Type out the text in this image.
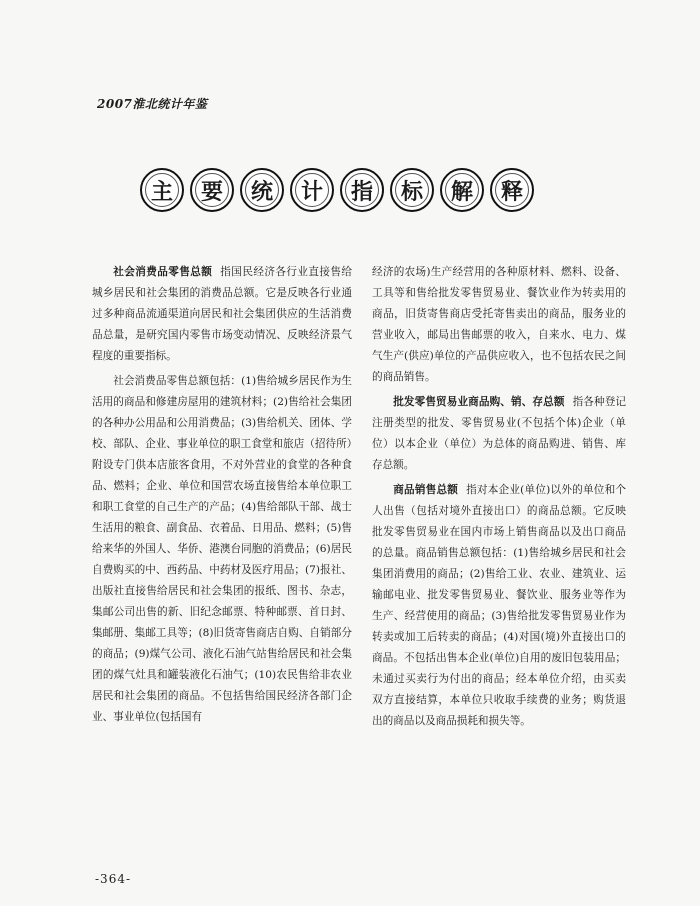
2007淮北统计年鉴
主	要	统	计	指	标	解	释

社会消费品零售总额 指国民经济各行业直接售给城乡居民和社会集团的消费品总额。它是反映各行业通过多种商品流通渠道向居民和社会集团供应的生活消费品总量，是研究国内零售市场变动情况、反映经济景气程度的重要指标。

社会消费品零售总额包括：(1)售给城乡居民作为生活用的商品和修建房屋用的建筑材料；(2)售给社会集团的各种办公用品和公用消费品；(3)售给机关、团体、学校、部队、企业、事业单位的职工食堂和旅店（招待所）附设专门供本店旅客食用，不对外营业的食堂的各种食品、燃料；企业、单位和国营农场直接售给本单位职工和职工食堂的自己生产的产品；(4)售给部队干部、战士生活用的粮食、副食品、衣着品、日用品、燃料；(5)售给来华的外国人、华侨、港澳台同胞的消费品；(6)居民自费购买的中、西药品、中药材及医疗用品；(7)报社、出版社直接售给居民和社会集团的报纸、图书、杂志，集邮公司出售的新、旧纪念邮票、特种邮票、首日封、集邮册、集邮工具等；(8)旧货寄售商店自购、自销部分的商品；(9)煤气公司、液化石油气站售给居民和社会集团的煤气灶具和罐装液化石油气；(10)农民售给非农业居民和社会集团的商品。不包括售给国民经济各部门企业、事业单位(包括国有

经济的农场)生产经营用的各种原材料、燃料、设备、工具等和售给批发零售贸易业、餐饮业作为转卖用的商品，旧货寄售商店受托寄售卖出的商品，服务业的营业收入，邮局出售邮票的收入，自来水、电力、煤气生产(供应)单位的产品供应收入，也不包括农民之间的商品销售。

批发零售贸易业商品购、销、存总额 指各种登记注册类型的批发、零售贸易业(不包括个体)企业（单位）以本企业（单位）为总体的商品购进、销售、库存总额。

商品销售总额 指对本企业(单位)以外的单位和个人出售（包括对境外直接出口）的商品总额。它反映批发零售贸易业在国内市场上销售商品以及出口商品的总量。商品销售总额包括：(1)售给城乡居民和社会集团消费用的商品；(2)售给工业、农业、建筑业、运输邮电业、批发零售贸易业、餐饮业、服务业等作为生产、经营使用的商品；(3)售给批发零售贸易业作为转卖或加工后转卖的商品；(4)对国(境)外直接出口的商品。不包括出售本企业(单位)自用的废旧包装用品；未通过买卖行为付出的商品；经本单位介绍，由买卖双方直接结算，本单位只收取手续费的业务；购货退出的商品以及商品损耗和损失等。

-364-
